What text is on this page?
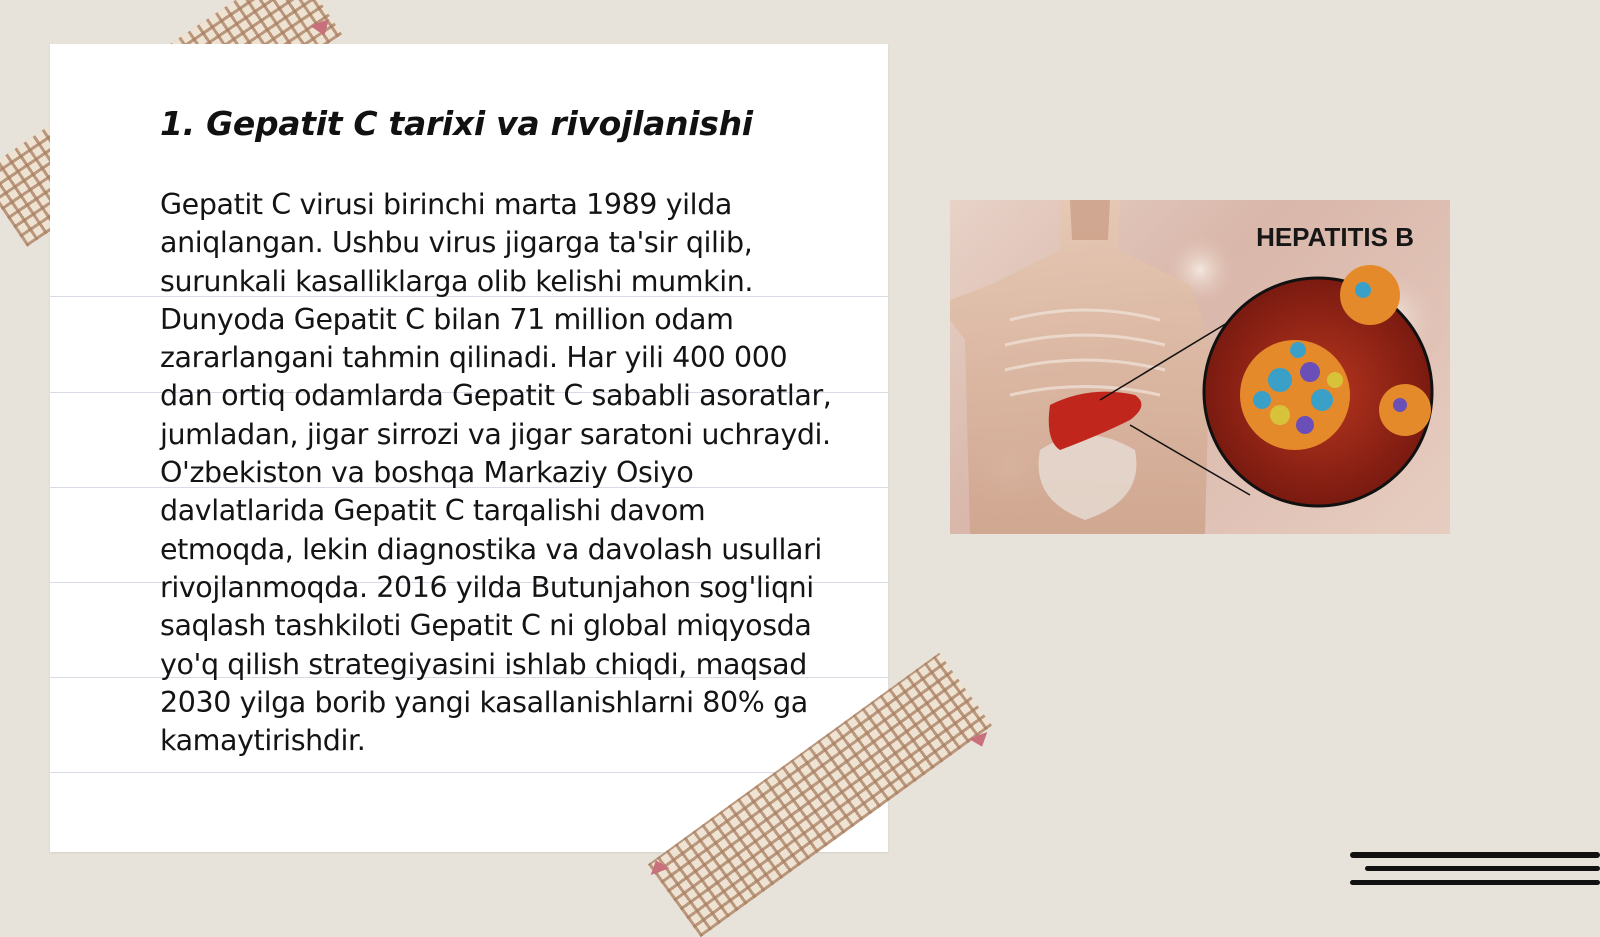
1. Gepatit C tarixi va rivojlanishi

Gepatit C virusi birinchi marta 1989 yilda aniqlangan. Ushbu virus jigarga ta'sir qilib, surunkali kasalliklarga olib kelishi mumkin. Dunyoda Gepatit C bilan 71 million odam zararlangani tahmin qilinadi. Har yili 400 000 dan ortiq odamlarda Gepatit C sababli asoratlar, jumladan, jigar sirrozi va jigar saratoni uchraydi. O'zbekiston va boshqa Markaziy Osiyo davlatlarida Gepatit C tarqalishi davom etmoqda, lekin diagnostika va davolash usullari rivojlanmoqda. 2016 yilda Butunjahon sog'liqni saqlash tashkiloti Gepatit C ni global miqyosda yo'q qilish strategiyasini ishlab chiqdi, maqsad 2030 yilga borib yangi kasallanishlarni 80% ga kamaytirishdir.

HEPATITIS B
